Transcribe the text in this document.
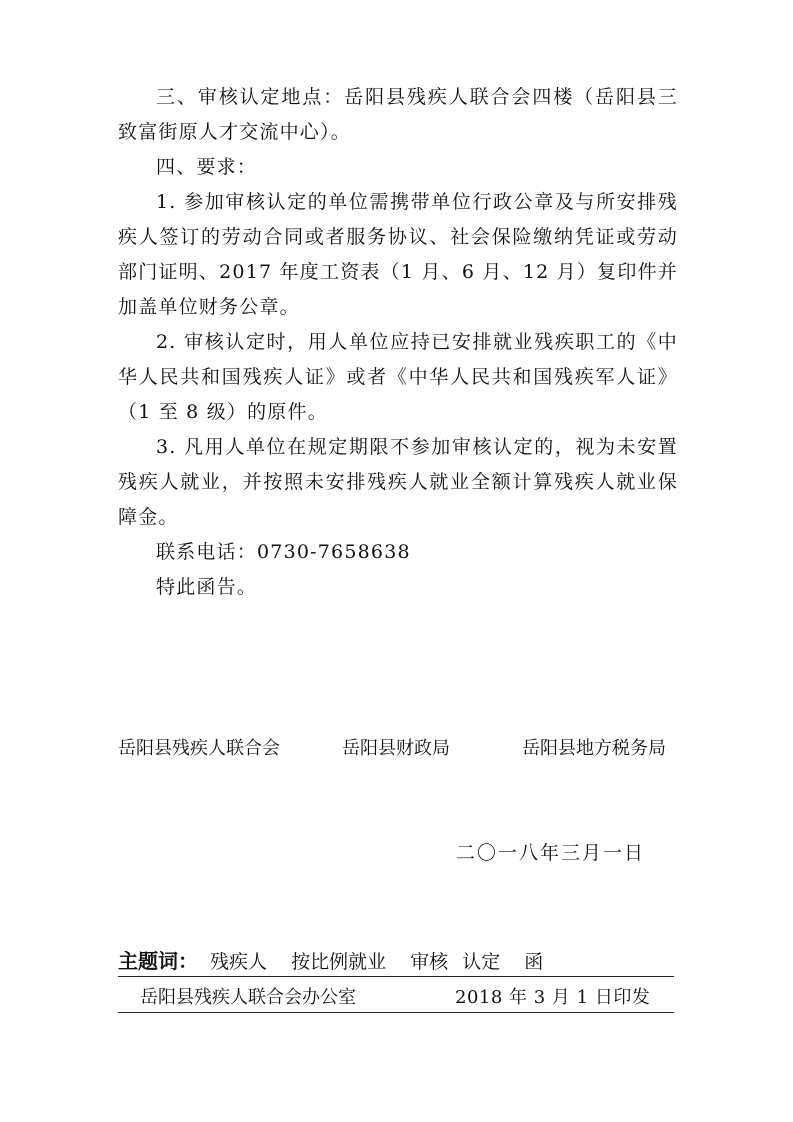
三、审核认定地点：岳阳县残疾人联合会四楼（岳阳县三致富街原人才交流中心）。

四、要求：

1. 参加审核认定的单位需携带单位行政公章及与所安排残疾人签订的劳动合同或者服务协议、社会保险缴纳凭证或劳动部门证明、2017 年度工资表（1 月、6 月、12 月）复印件并加盖单位财务公章。

2. 审核认定时，用人单位应持已安排就业残疾职工的《中华人民共和国残疾人证》或者《中华人民共和国残疾军人证》（1 至 8 级）的原件。

3. 凡用人单位在规定期限不参加审核认定的，视为未安置残疾人就业，并按照未安排残疾人就业全额计算残疾人就业保障金。

联系电话：0730-7658638

特此函告。

岳阳县残疾人联合会	岳阳县财政局	岳阳县地方税务局
二〇一八年三月一日
主题词： 残疾人 按比例就业 审核 认定 函
岳阳县残疾人联合会办公室	2018 年 3 月 1 日印发
